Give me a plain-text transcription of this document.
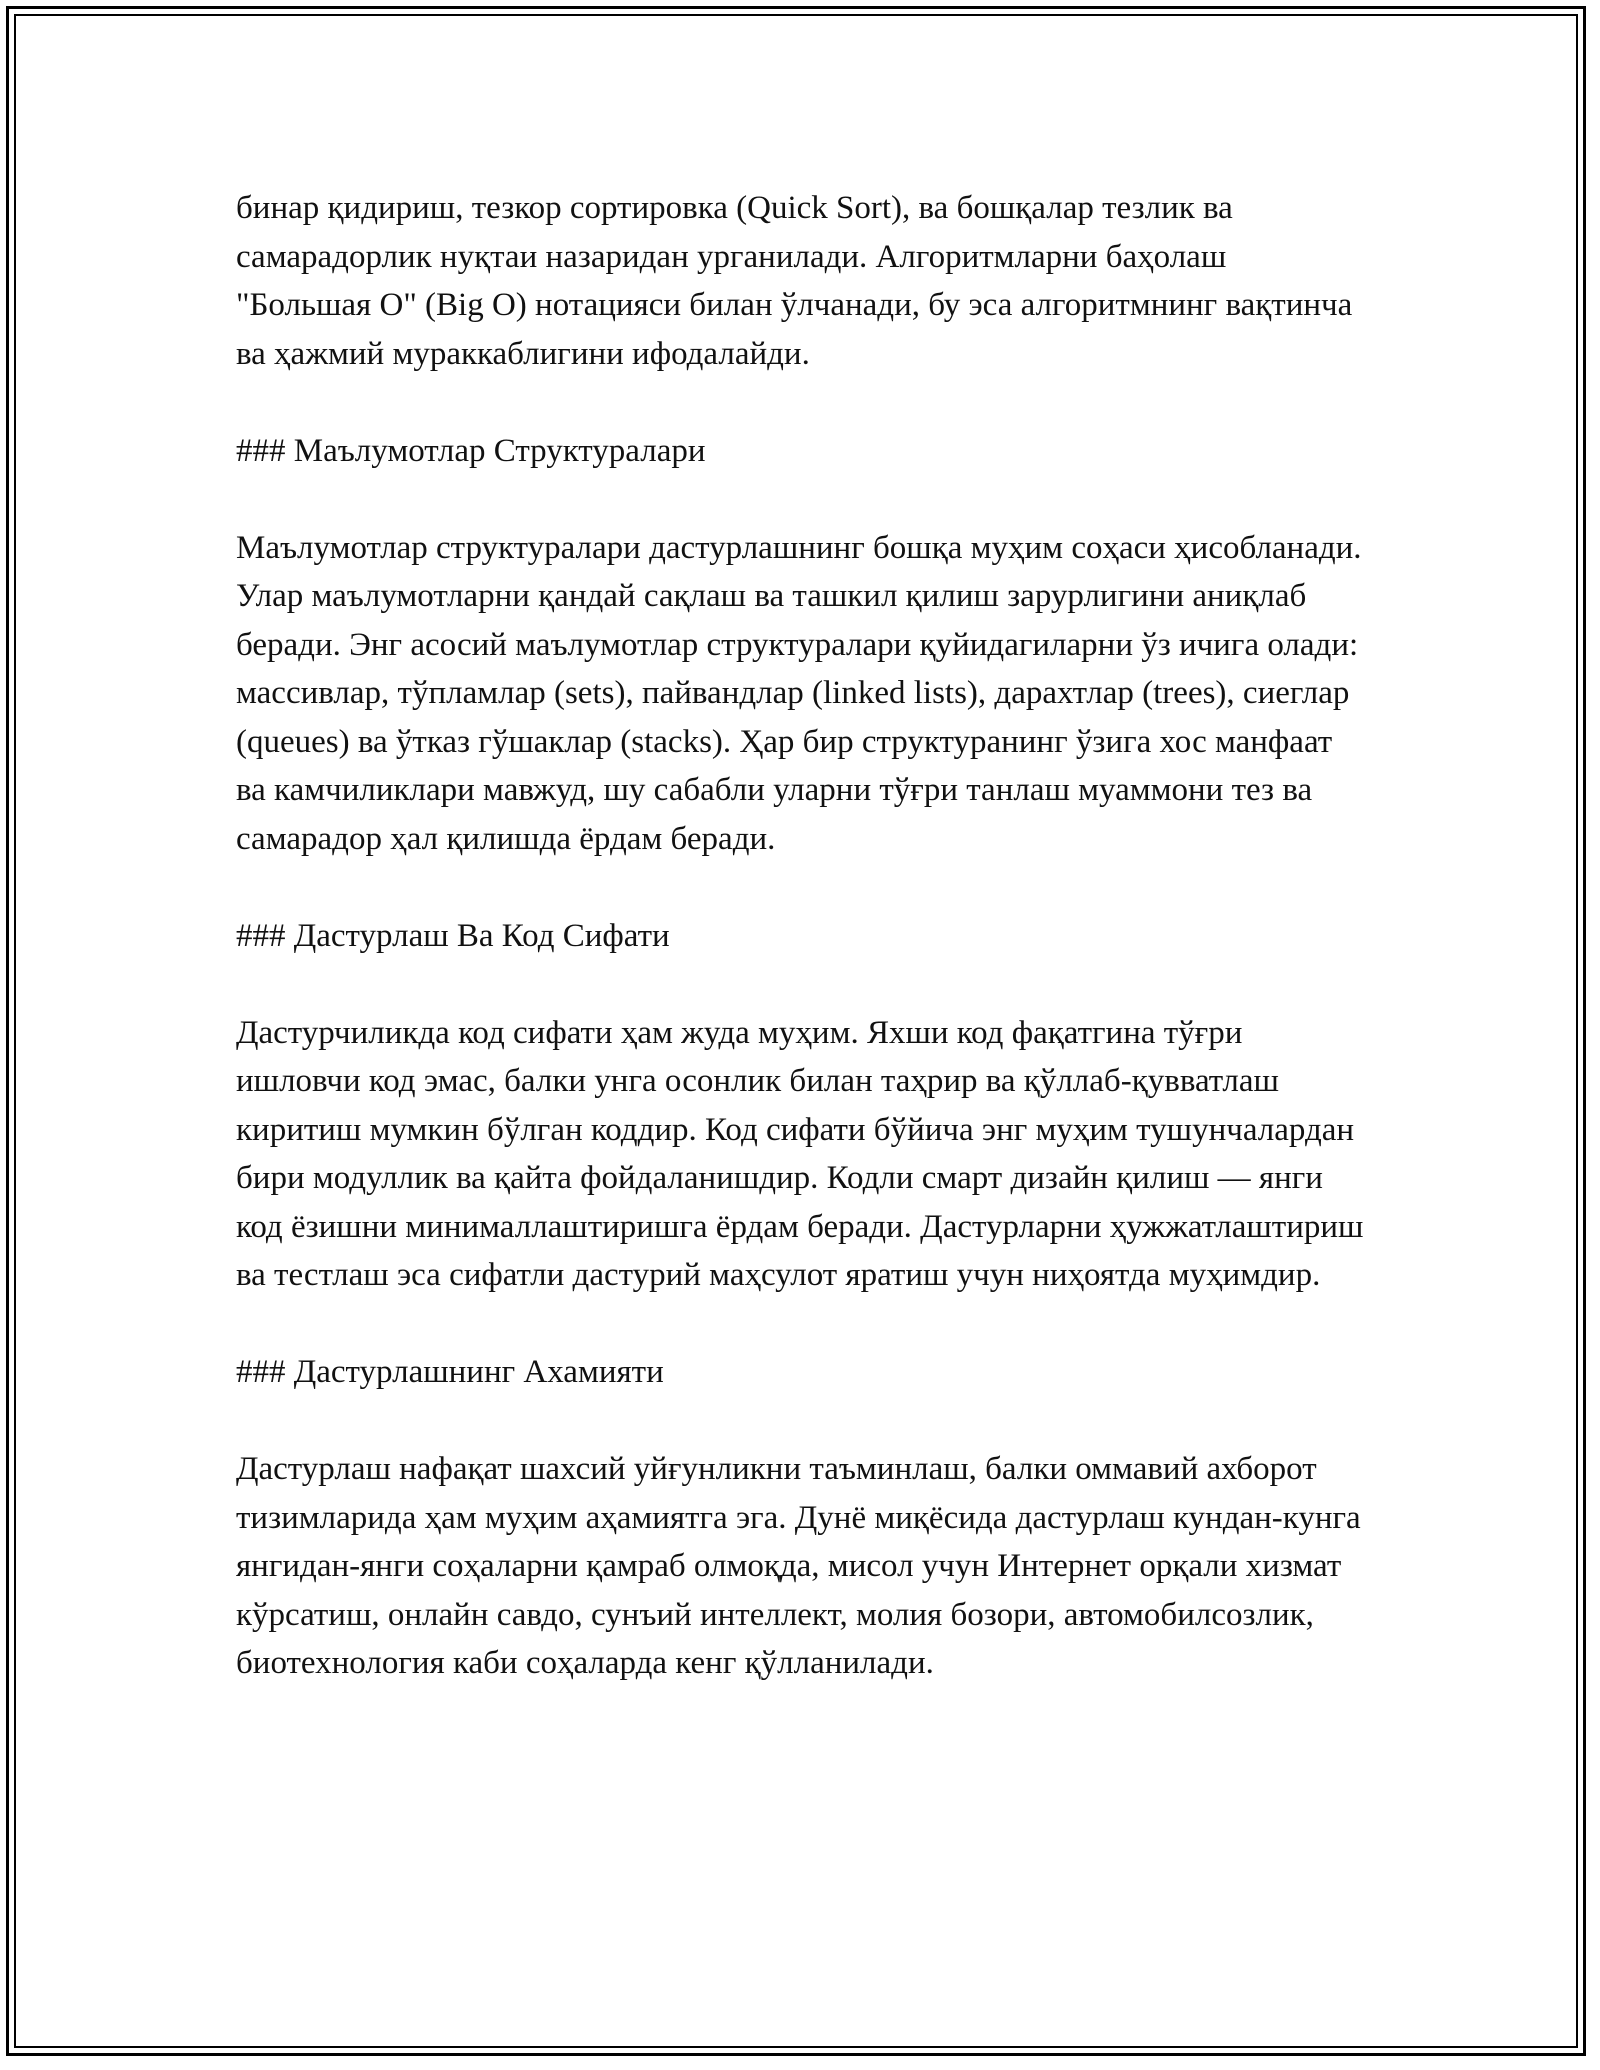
бинар қидириш, тезкор сортировка (Quick Sort), ва бошқалар тезлик ва самарадорлик нуқтаи назаридан урганилади. Алгоритмларни баҳолаш "Большая O" (Big O) нотацияси билан ўлчанади, бу эса алгоритмнинг вақтинча ва ҳажмий мураккаблигини ифодалайди.

### Маълумотлар Структуралари

Маълумотлар структуралари дастурлашнинг бошқа муҳим соҳаси ҳисобланади. Улар маълумотларни қандай сақлаш ва ташкил қилиш зарурлигини аниқлаб беради. Энг асосий маълумотлар структуралари қуйидагиларни ўз ичига олади: массивлар, тўпламлар (sets), пайвандлар (linked lists), дарахтлар (trees), сиеглар (queues) ва ўтказ гўшаклар (stacks). Ҳар бир структуранинг ўзига хос манфаат ва камчиликлари мавжуд, шу сабабли уларни тўғри танлаш муаммони тез ва самарадор ҳал қилишда ёрдам беради.

### Дастурлаш Ва Код Сифати

Дастурчиликда код сифати ҳам жуда муҳим. Яхши код фақатгина тўғри ишловчи код эмас, балки унга осонлик билан таҳрир ва қўллаб-қувватлаш киритиш мумкин бўлган коддир. Код сифати бўйича энг муҳим тушунчалардан бири модуллик ва қайта фойдаланишдир. Кодли смарт дизайн қилиш — янги код ёзишни минималлаштиришга ёрдам беради. Дастурларни ҳужжатлаштириш ва тестлаш эса сифатли дастурий маҳсулот яратиш учун ниҳоятда муҳимдир.

### Дастурлашнинг Ахамияти

Дастурлаш нафақат шахсий уйғунликни таъминлаш, балки оммавий ахборот тизимларида ҳам муҳим аҳамиятга эга. Дунё миқёсида дастурлаш кундан-кунга янгидан-янги соҳаларни қамраб олмоқда, мисол учун Интернет орқали хизмат кўрсатиш, онлайн савдо, сунъий интеллект, молия бозори, автомобилсозлик, биотехнология каби соҳаларда кенг қўлланилади.
